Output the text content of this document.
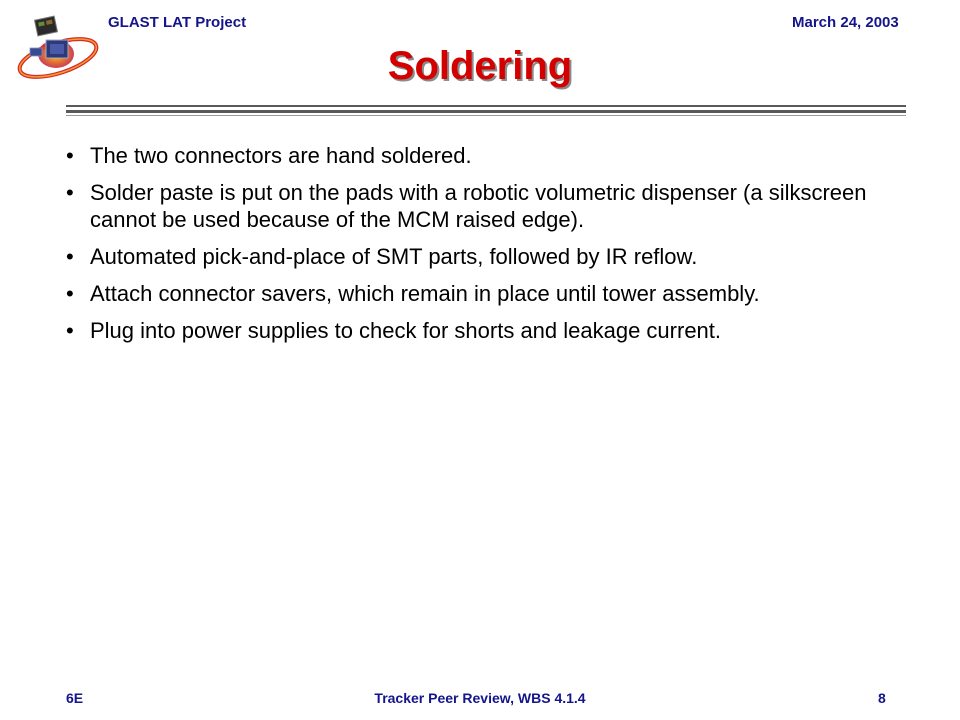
GLAST LAT Project	March 24, 2003
Soldering
• The two connectors are hand soldered.
• Solder paste is put on the pads with a robotic volumetric dispenser (a silkscreen cannot be used because of the MCM raised edge).
• Automated pick-and-place of SMT parts, followed by IR reflow.
• Attach connector savers, which remain in place until tower assembly.
• Plug into power supplies to check for shorts and leakage current.
6E	Tracker Peer Review, WBS 4.1.4	8
